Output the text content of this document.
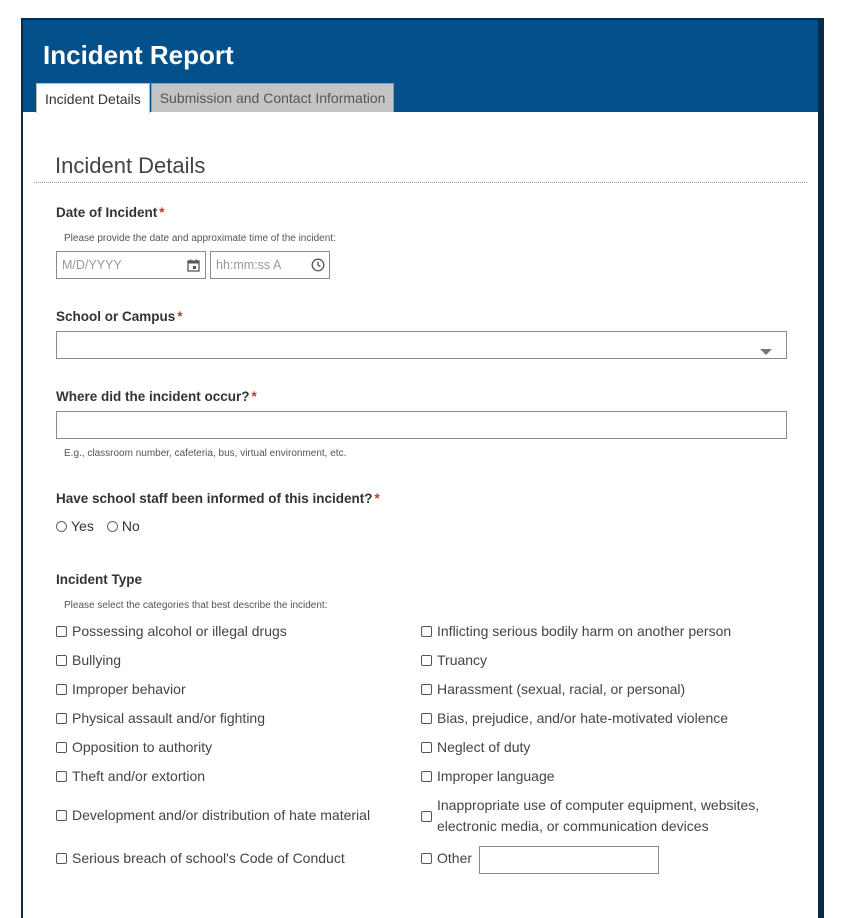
Incident Report
Incident Details	Submission and Contact Information
Incident Details
Date of Incident *
Please provide the date and approximate time of the incident:
M/D/YYYY	hh:mm:ss A
School or Campus *
Where did the incident occur? *
E.g., classroom number, cafeteria, bus, virtual environment, etc.
Have school staff been informed of this incident? *
Yes No
Incident Type
Please select the categories that best describe the incident:
Possessing alcohol or illegal drugs
Bullying
Improper behavior
Physical assault and/or fighting
Opposition to authority
Theft and/or extortion
Development and/or distribution of hate material
Serious breach of school's Code of Conduct
Inflicting serious bodily harm on another person
Truancy
Harassment (sexual, racial, or personal)
Bias, prejudice, and/or hate-motivated violence
Neglect of duty
Improper language
Inappropriate use of computer equipment, websites, electronic media, or communication devices
Other
